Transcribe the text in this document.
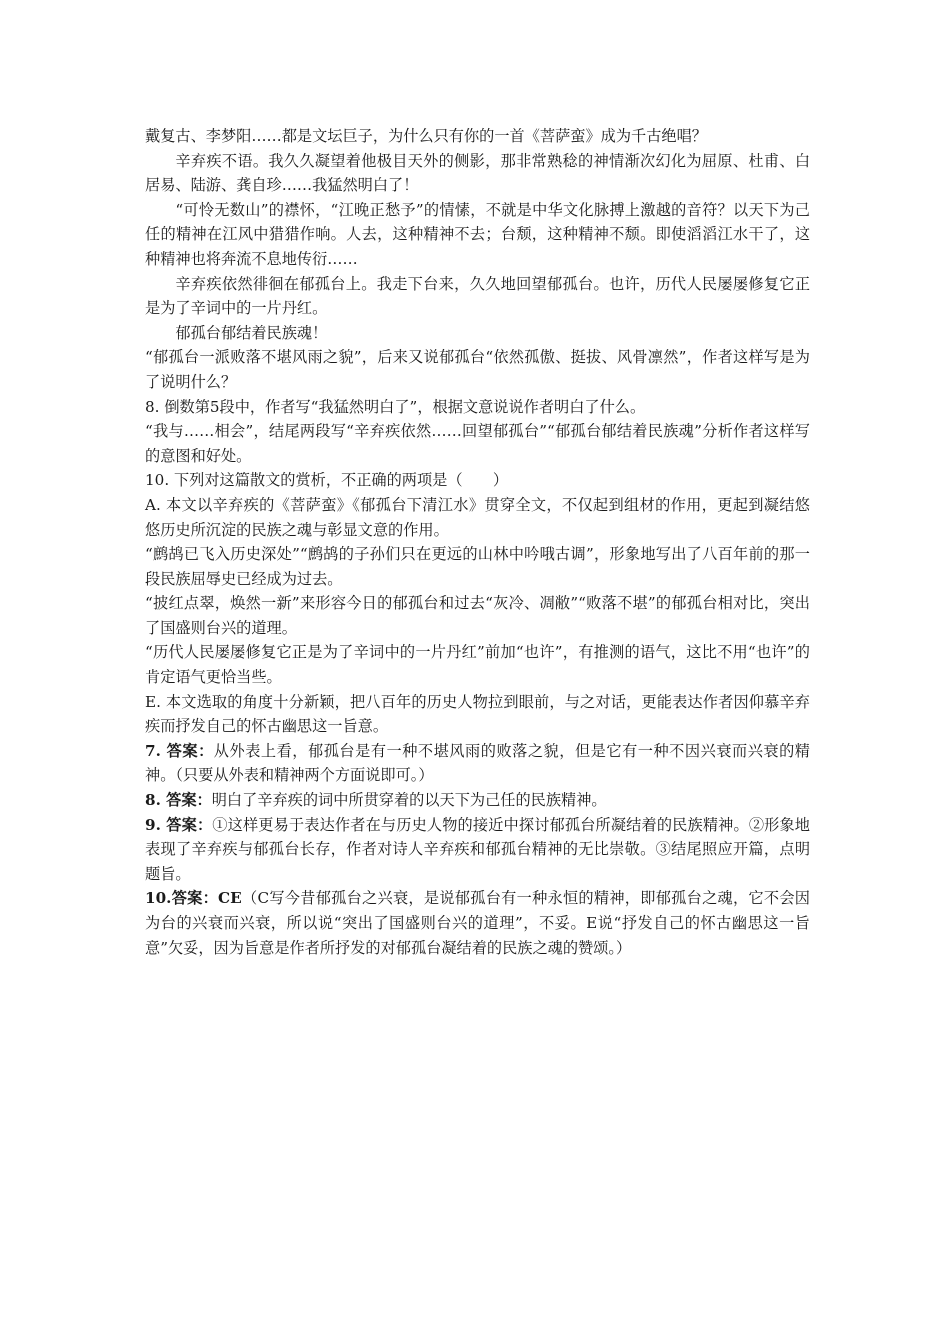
戴复古、李梦阳……都是文坛巨子，为什么只有你的一首《菩萨蛮》成为千古绝唱？

辛弃疾不语。我久久凝望着他极目天外的侧影，那非常熟稔的神情渐次幻化为屈原、杜甫、白居易、陆游、龚自珍……我猛然明白了！

“可怜无数山”的襟怀，“江晚正愁予”的情愫，不就是中华文化脉搏上激越的音符？以天下为己任的精神在江风中猎猎作响。人去，这种精神不去；台颓，这种精神不颓。即使滔滔江水干了，这种精神也将奔流不息地传衍……

辛弃疾依然徘徊在郁孤台上。我走下台来，久久地回望郁孤台。也许，历代人民屡屡修复它正是为了辛词中的一片丹红。

郁孤台郁结着民族魂！

“郁孤台一派败落不堪风雨之貌”，后来又说郁孤台“依然孤傲、挺拔、风骨凛然”，作者这样写是为了说明什么？

8. 倒数第5段中，作者写“我猛然明白了”，根据文意说说作者明白了什么。

“我与……相会”，结尾两段写“辛弃疾依然……回望郁孤台”“郁孤台郁结着民族魂”分析作者这样写的意图和好处。

10. 下列对这篇散文的赏析，不正确的两项是（　　）

A. 本文以辛弃疾的《菩萨蛮》《郁孤台下清江水》贯穿全文，不仅起到组材的作用，更起到凝结悠悠历史所沉淀的民族之魂与彰显文意的作用。

“鹧鸪已飞入历史深处”“鹧鸪的子孙们只在更远的山林中吟哦古调”，形象地写出了八百年前的那一段民族屈辱史已经成为过去。

“披红点翠，焕然一新”来形容今日的郁孤台和过去“灰冷、凋敝”“败落不堪”的郁孤台相对比，突出了国盛则台兴的道理。

“历代人民屡屡修复它正是为了辛词中的一片丹红”前加“也许”，有推测的语气，这比不用“也许”的肯定语气更恰当些。

E. 本文选取的角度十分新颖，把八百年的历史人物拉到眼前，与之对话，更能表达作者因仰慕辛弃疾而抒发自己的怀古幽思这一旨意。

7. 答案：从外表上看，郁孤台是有一种不堪风雨的败落之貌，但是它有一种不因兴衰而兴衰的精神。（只要从外表和精神两个方面说即可。）

8. 答案：明白了辛弃疾的词中所贯穿着的以天下为己任的民族精神。

9. 答案：①这样更易于表达作者在与历史人物的接近中探讨郁孤台所凝结着的民族精神。②形象地表现了辛弃疾与郁孤台长存，作者对诗人辛弃疾和郁孤台精神的无比崇敬。③结尾照应开篇，点明题旨。

10.答案：CE（C写今昔郁孤台之兴衰，是说郁孤台有一种永恒的精神，即郁孤台之魂，它不会因为台的兴衰而兴衰，所以说“突出了国盛则台兴的道理”，不妥。E说“抒发自己的怀古幽思这一旨意”欠妥，因为旨意是作者所抒发的对郁孤台凝结着的民族之魂的赞颂。）
